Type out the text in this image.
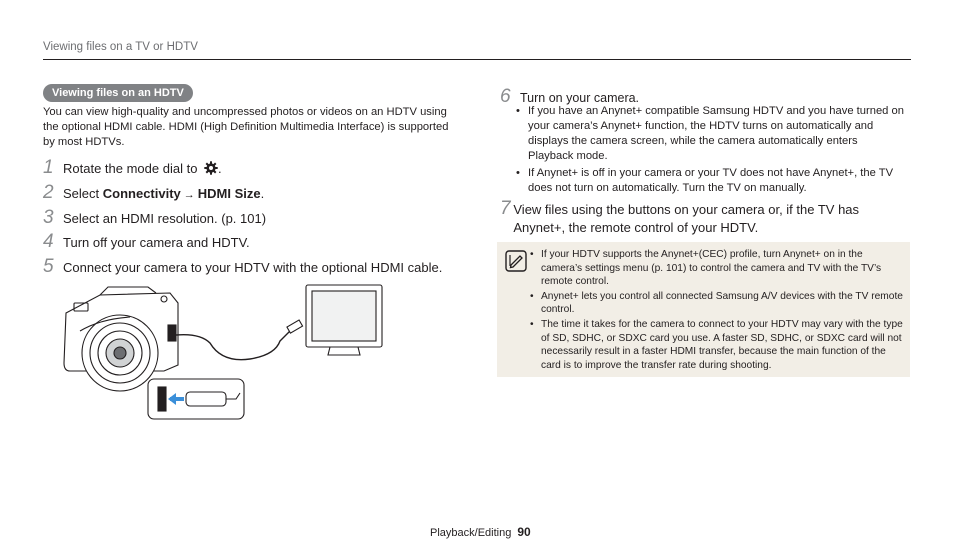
Viewing files on a TV or HDTV
Viewing files on an HDTV

You can view high-quality and uncompressed photos or videos on an HDTV using the optional HDMI cable. HDMI (High Definition Multimedia Interface) is supported by most HDTVs.

1 Rotate the mode dial to .
2 Select Connectivity → HDMI Size.
3 Select an HDMI resolution. (p. 101)
4 Turn off your camera and HDTV.
5 Connect your camera to your HDTV with the optional HDMI cable.
6 Turn on your camera.
• If you have an Anynet+ compatible Samsung HDTV and you have turned on your camera’s Anynet+ function, the HDTV turns on automatically and displays the camera screen, while the camera automatically enters Playback mode.
• If Anynet+ is off in your camera or your TV does not have Anynet+, the TV does not turn on automatically. Turn the TV on manually.
7 View files using the buttons on your camera or, if the TV has Anynet+, the remote control of your HDTV.
• If your HDTV supports the Anynet+(CEC) profile, turn Anynet+ on in the camera’s settings menu (p. 101) to control the camera and TV with the TV’s remote control.
• Anynet+ lets you control all connected Samsung A/V devices with the TV remote control.
• The time it takes for the camera to connect to your HDTV may vary with the type of SD, SDHC, or SDXC card you use. A faster SD, SDHC, or SDXC card will not necessarily result in a faster HDMI transfer, because the main function of the card is to improve the transfer rate during shooting.
Playback/Editing 90
